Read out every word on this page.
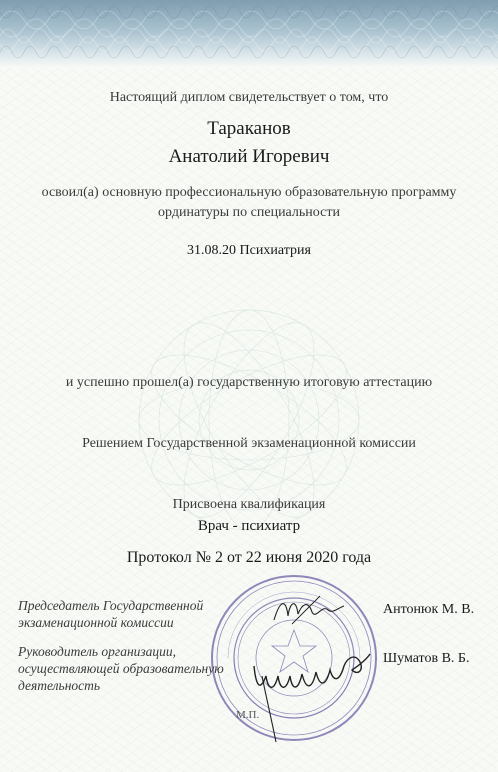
Настоящий диплом свидетельствует о том, что
Тараканов
Анатолий Игоревич
освоил(а) основную профессиональную образовательную программу
ординатуры по специальности
31.08.20 Психиатрия
и успешно прошел(а) государственную итоговую аттестацию
Решением Государственной экзаменационной комиссии
Присвоена квалификация
Врач - психиатр
Протокол № 2 от 22 июня 2020 года
Председатель Государственной
экзаменационной комиссии
Антонюк М. В.
Руководитель организации,
осуществляющей образовательную
деятельность
Шуматов В. Б.
М.П.
